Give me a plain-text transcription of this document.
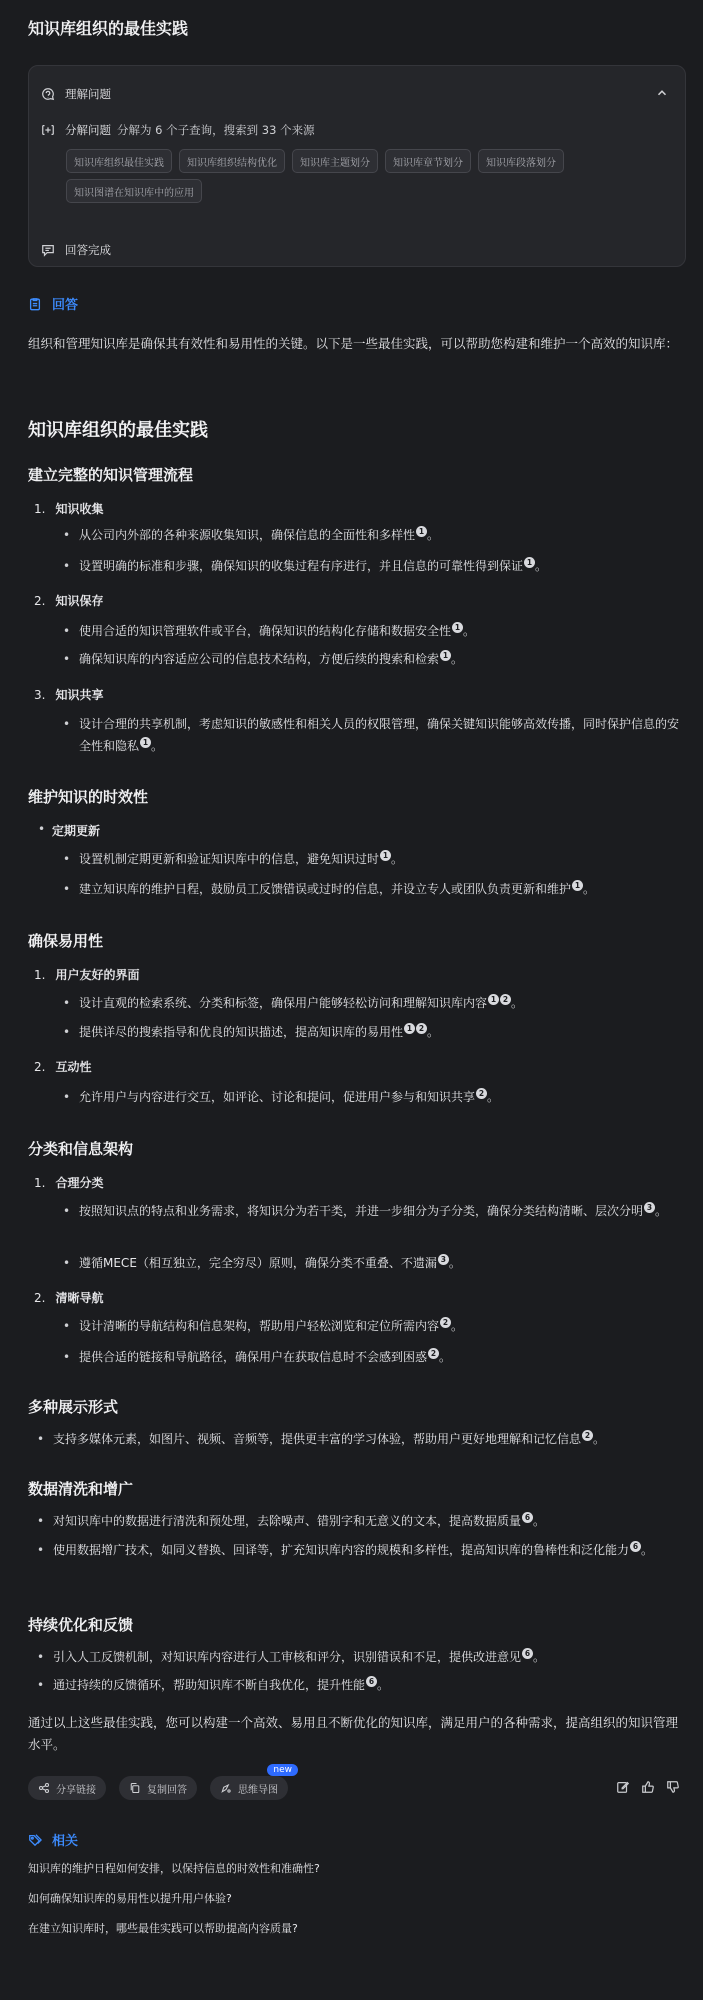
知识库组织的最佳实践
理解问题
分解问题 分解为 6 个子查询，搜索到 33 个来源
知识库组织最佳实践	知识库组织结构优化	知识库主题划分	知识库章节划分	知识库段落划分
知识图谱在知识库中的应用
回答完成
回答
组织和管理知识库是确保其有效性和易用性的关键。以下是一些最佳实践，可以帮助您构建和维护一个高效的知识库：
知识库组织的最佳实践
建立完整的知识管理流程
1. 知识收集
• 从公司内外部的各种来源收集知识，确保信息的全面性和多样性 1 。
• 设置明确的标准和步骤，确保知识的收集过程有序进行，并且信息的可靠性得到保证 1 。
2. 知识保存
• 使用合适的知识管理软件或平台，确保知识的结构化存储和数据安全性 1 。
• 确保知识库的内容适应公司的信息技术结构，方便后续的搜索和检索 1 。
3. 知识共享
• 设计合理的共享机制，考虑知识的敏感性和相关人员的权限管理，确保关键知识能够高效传播，同时保护信息的安全性和隐私 1 。
维护知识的时效性
• 定期更新
• 设置机制定期更新和验证知识库中的信息，避免知识过时 1 。
• 建立知识库的维护日程，鼓励员工反馈错误或过时的信息，并设立专人或团队负责更新和维护 1 。
确保易用性
1. 用户友好的界面
• 设计直观的检索系统、分类和标签，确保用户能够轻松访问和理解知识库内容 1 2 。
• 提供详尽的搜索指导和优良的知识描述，提高知识库的易用性 1 2 。
2. 互动性
• 允许用户与内容进行交互，如评论、讨论和提问，促进用户参与和知识共享 2 。
分类和信息架构
1. 合理分类
• 按照知识点的特点和业务需求，将知识分为若干类，并进一步细分为子分类，确保分类结构清晰、层次分明 3 。
• 遵循MECE（相互独立，完全穷尽）原则，确保分类不重叠、不遗漏 3 。
2. 清晰导航
• 设计清晰的导航结构和信息架构，帮助用户轻松浏览和定位所需内容 2 。
• 提供合适的链接和导航路径，确保用户在获取信息时不会感到困惑 2 。
多种展示形式
• 支持多媒体元素，如图片、视频、音频等，提供更丰富的学习体验，帮助用户更好地理解和记忆信息 2 。
数据清洗和增广
• 对知识库中的数据进行清洗和预处理，去除噪声、错别字和无意义的文本，提高数据质量 6 。
• 使用数据增广技术，如同义替换、回译等，扩充知识库内容的规模和多样性，提高知识库的鲁棒性和泛化能力 6 。
持续优化和反馈
• 引入人工反馈机制，对知识库内容进行人工审核和评分，识别错误和不足，提供改进意见 6 。
• 通过持续的反馈循环，帮助知识库不断自我优化，提升性能 6 。
通过以上这些最佳实践，您可以构建一个高效、易用且不断优化的知识库，满足用户的各种需求，提高组织的知识管理水平。
分享链接	复制回答	思维导图
new
相关
知识库的维护日程如何安排，以保持信息的时效性和准确性?
如何确保知识库的易用性以提升用户体验?
在建立知识库时，哪些最佳实践可以帮助提高内容质量?
